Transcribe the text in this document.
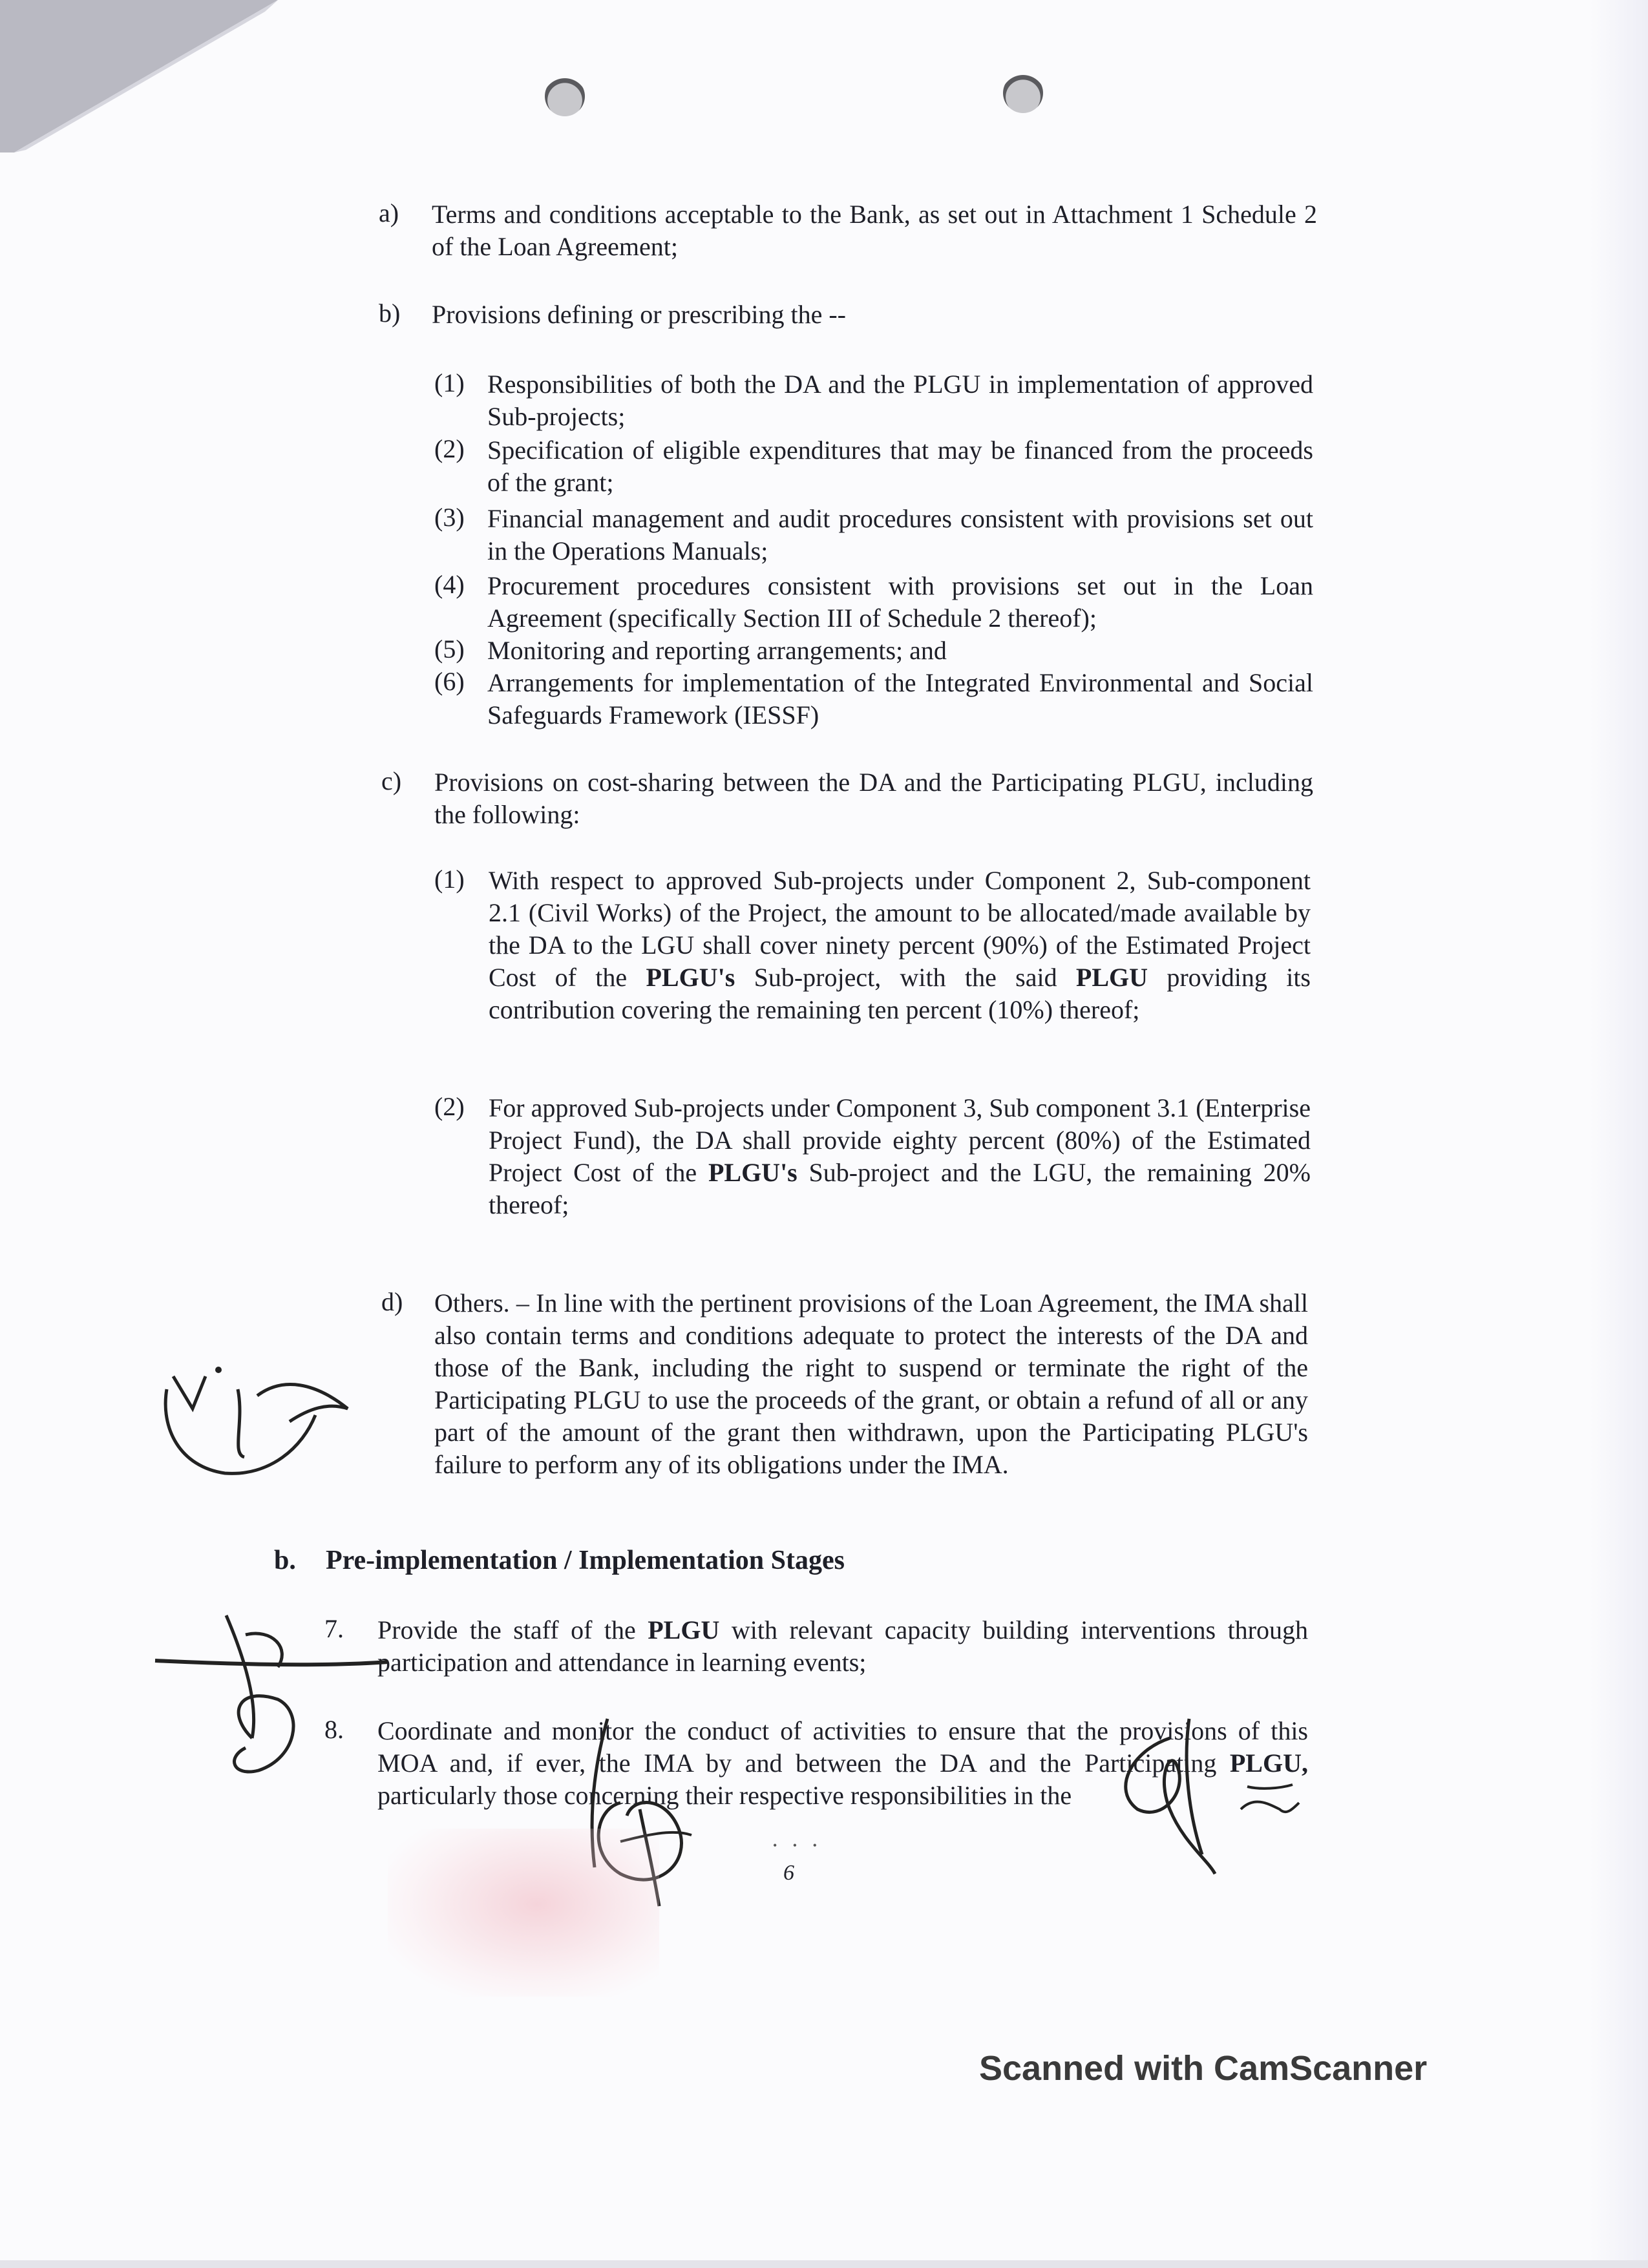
a) Terms and conditions acceptable to the Bank, as set out in Attachment 1 Schedule 2 of the Loan Agreement;
b) Provisions defining or prescribing the --
(1) Responsibilities of both the DA and the PLGU in implementation of approved Sub-projects;
(2) Specification of eligible expenditures that may be financed from the proceeds of the grant;
(3) Financial management and audit procedures consistent with provisions set out in the Operations Manuals;
(4) Procurement procedures consistent with provisions set out in the Loan Agreement (specifically Section III of Schedule 2 thereof);
(5) Monitoring and reporting arrangements; and
(6) Arrangements for implementation of the Integrated Environmental and Social Safeguards Framework (IESSF)
c) Provisions on cost-sharing between the DA and the Participating PLGU, including the following:
(1) With respect to approved Sub-projects under Component 2, Sub-component 2.1 (Civil Works) of the Project, the amount to be allocated/made available by the DA to the LGU shall cover ninety percent (90%) of the Estimated Project Cost of the PLGU's Sub-project, with the said PLGU providing its contribution covering the remaining ten percent (10%) thereof;
(2) For approved Sub-projects under Component 3, Sub component 3.1 (Enterprise Project Fund), the DA shall provide eighty percent (80%) of the Estimated Project Cost of the PLGU's Sub-project and the LGU, the remaining 20% thereof;
d) Others. – In line with the pertinent provisions of the Loan Agreement, the IMA shall also contain terms and conditions adequate to protect the interests of the DA and those of the Bank, including the right to suspend or terminate the right of the Participating PLGU to use the proceeds of the grant, or obtain a refund of all or any part of the amount of the grant then withdrawn, upon the Participating PLGU's failure to perform any of its obligations under the IMA.
b. Pre-implementation / Implementation Stages
7. Provide the staff of the PLGU with relevant capacity building interventions through participation and attendance in learning events;
8. Coordinate and monitor the conduct of activities to ensure that the provisions of this MOA and, if ever, the IMA by and between the DA and the Participating PLGU, particularly those concerning their respective responsibilities in the
• • •
6
Scanned with CamScanner
